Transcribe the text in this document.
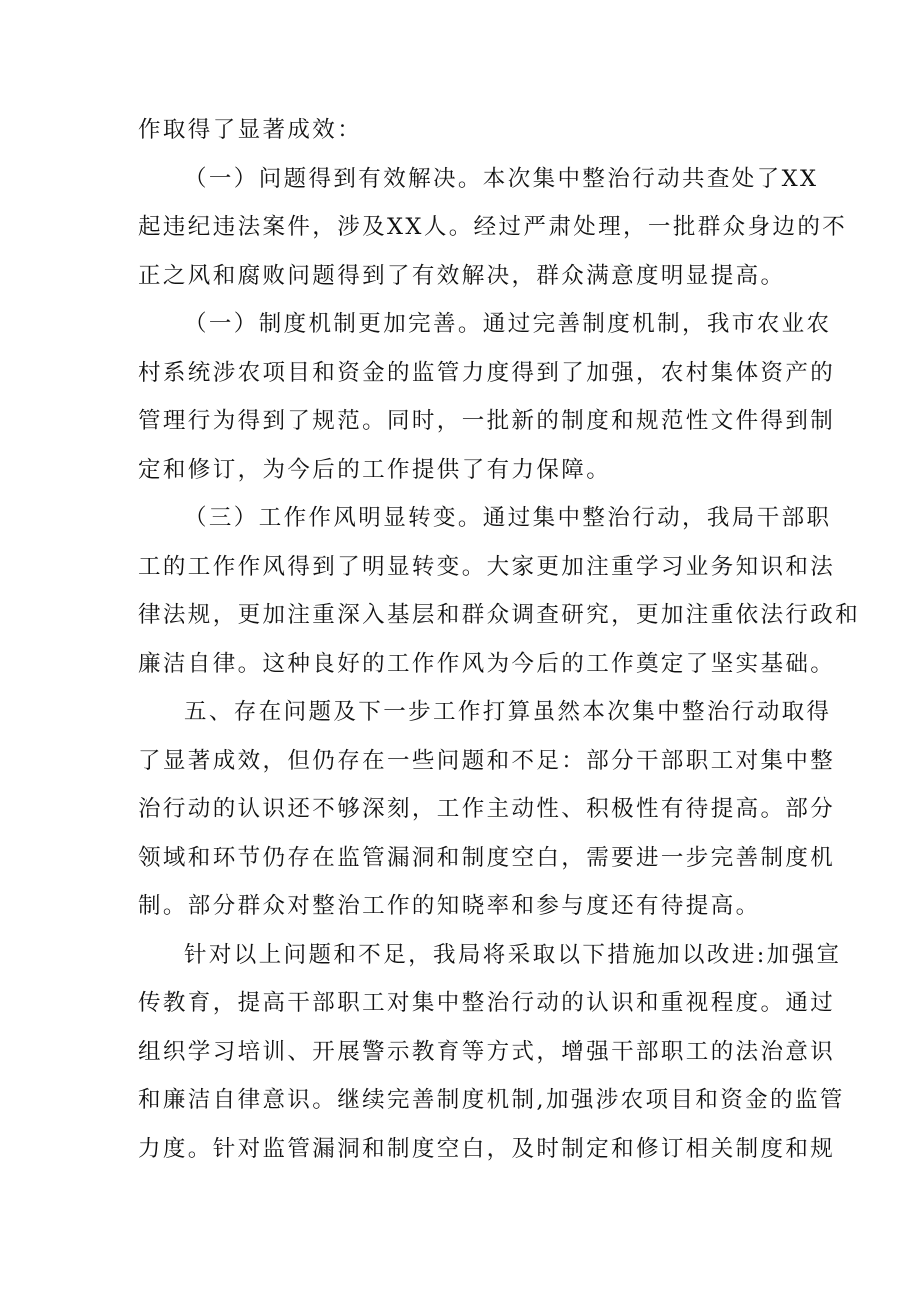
作取得了显著成效：
（一）问题得到有效解决。本次集中整治行动共查处了XX
起违纪违法案件，涉及XX人。经过严肃处理，一批群众身边的不
正之风和腐败问题得到了有效解决，群众满意度明显提高。
（一）制度机制更加完善。通过完善制度机制，我市农业农
村系统涉农项目和资金的监管力度得到了加强，农村集体资产的
管理行为得到了规范。同时，一批新的制度和规范性文件得到制
定和修订，为今后的工作提供了有力保障。
（三）工作作风明显转变。通过集中整治行动，我局干部职
工的工作作风得到了明显转变。大家更加注重学习业务知识和法
律法规，更加注重深入基层和群众调查研究，更加注重依法行政和
廉洁自律。这种良好的工作作风为今后的工作奠定了坚实基础。
五、存在问题及下一步工作打算虽然本次集中整治行动取得
了显著成效，但仍存在一些问题和不足：部分干部职工对集中整
治行动的认识还不够深刻，工作主动性、积极性有待提高。部分
领域和环节仍存在监管漏洞和制度空白，需要进一步完善制度机
制。部分群众对整治工作的知晓率和参与度还有待提高。
针对以上问题和不足，我局将采取以下措施加以改进:加强宣
传教育，提高干部职工对集中整治行动的认识和重视程度。通过
组织学习培训、开展警示教育等方式，增强干部职工的法治意识
和廉洁自律意识。继续完善制度机制,加强涉农项目和资金的监管
力度。针对监管漏洞和制度空白，及时制定和修订相关制度和规
